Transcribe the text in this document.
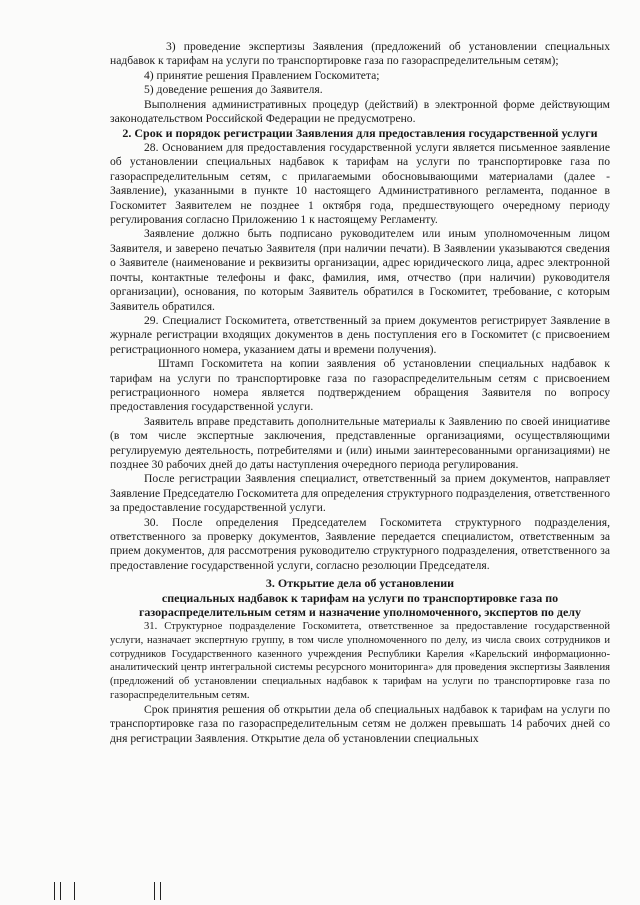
3) проведение экспертизы Заявления (предложений об установлении специальных надбавок к тарифам на услуги по транспортировке газа по газораспределительным сетям);

4) принятие решения Правлением Госкомитета;

5) доведение решения до Заявителя.

Выполнения административных процедур (действий) в электронной форме действующим законодательством Российской Федерации не предусмотрено.

2. Срок и порядок регистрации Заявления для предоставления государственной услуги

28. Основанием для предоставления государственной услуги является письменное заявление об установлении специальных надбавок к тарифам на услуги по транспортировке газа по газораспределительным сетям, с прилагаемыми обосновывающими материалами (далее - Заявление), указанными в пункте 10 настоящего Административного регламента, поданное в Госкомитет Заявителем не позднее 1 октября года, предшествующего очередному периоду регулирования согласно Приложению 1 к настоящему Регламенту.

Заявление должно быть подписано руководителем или иным уполномоченным лицом Заявителя, и заверено печатью Заявителя (при наличии печати). В Заявлении указываются сведения о Заявителе (наименование и реквизиты организации, адрес юридического лица, адрес электронной почты, контактные телефоны и факс, фамилия, имя, отчество (при наличии) руководителя организации), основания, по которым Заявитель обратился в Госкомитет, требование, с которым Заявитель обратился.

29. Специалист Госкомитета, ответственный за прием документов регистрирует Заявление в журнале регистрации входящих документов в день поступления его в Госкомитет (с присвоением регистрационного номера, указанием даты и времени получения).

Штамп Госкомитета на копии заявления об установлении специальных надбавок к тарифам на услуги по транспортировке газа по газораспределительным сетям с присвоением регистрационного номера является подтверждением обращения Заявителя по вопросу предоставления государственной услуги.

Заявитель вправе представить дополнительные материалы к Заявлению по своей инициативе (в том числе экспертные заключения, представленные организациями, осуществляющими регулируемую деятельность, потребителями и (или) иными заинтересованными организациями) не позднее 30 рабочих дней до даты наступления очередного периода регулирования.

После регистрации Заявления специалист, ответственный за прием документов, направляет Заявление Председателю Госкомитета для определения структурного подразделения, ответственного за предоставление государственной услуги.

30. После определения Председателем Госкомитета структурного подразделения, ответственного за проверку документов, Заявление передается специалистом, ответственным за прием документов, для рассмотрения руководителю структурного подразделения, ответственного за предоставление государственной услуги, согласно резолюции Председателя.

3. Открытие дела об установлении

специальных надбавок к тарифам на услуги по транспортировке газа по газораспределительным сетям и назначение уполномоченного, экспертов по делу

31. Структурное подразделение Госкомитета, ответственное за предоставление государственной услуги, назначает экспертную группу, в том числе уполномоченного по делу, из числа своих сотрудников и сотрудников Государственного казенного учреждения Республики Карелия «Карельский информационно-аналитический центр интегральной системы ресурсного мониторинга» для проведения экспертизы Заявления (предложений об установлении специальных надбавок к тарифам на услуги по транспортировке газа по газораспределительным сетям.

Срок принятия решения об открытии дела об специальных надбавок к тарифам на услуги по транспортировке газа по газораспределительным сетям не должен превышать 14 рабочих дней со дня регистрации Заявления. Открытие дела об установлении специальных
